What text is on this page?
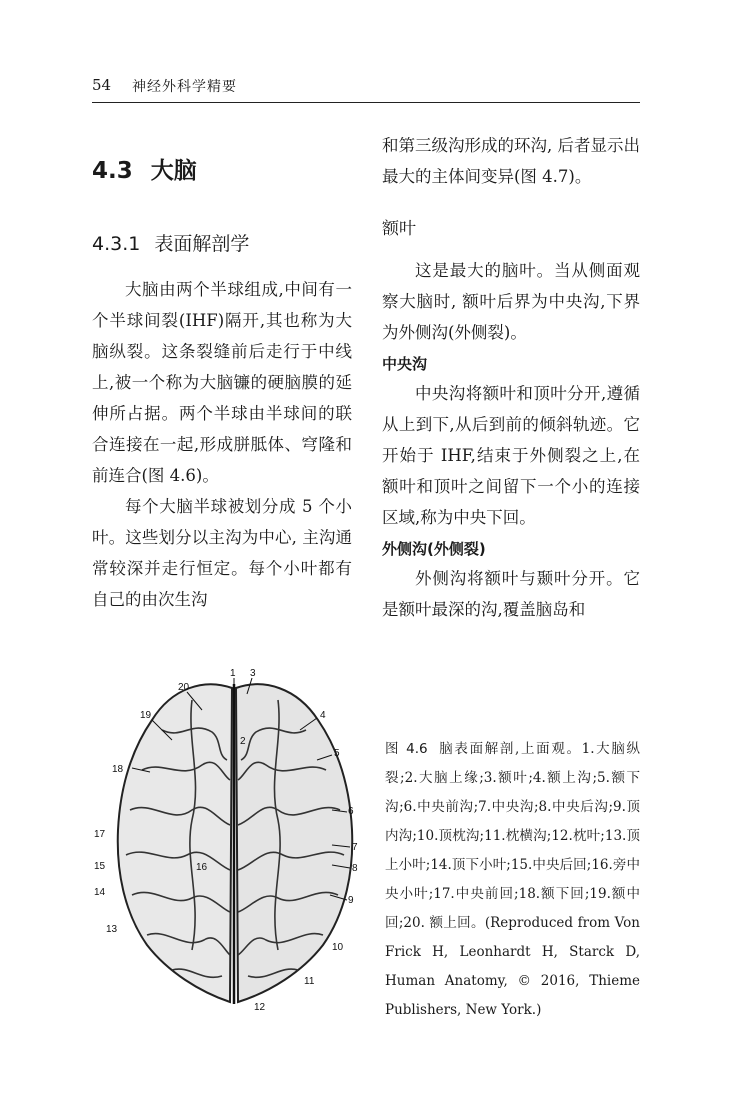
54 神经外科学精要
4.3 大脑
4.3.1 表面解剖学

大脑由两个半球组成,中间有一个半球间裂(IHF)隔开,其也称为大脑纵裂。这条裂缝前后走行于中线上,被一个称为大脑镰的硬脑膜的延伸所占据。两个半球由半球间的联合连接在一起,形成胼胝体、穹隆和前连合(图 4.6)。

每个大脑半球被划分成 5 个小叶。这些划分以主沟为中心, 主沟通常较深并走行恒定。每个小叶都有自己的由次生沟

和第三级沟形成的环沟, 后者显示出最大的主体间变异(图 4.7)。

额叶

这是最大的脑叶。当从侧面观察大脑时, 额叶后界为中央沟,下界为外侧沟(外侧裂)。

中央沟

中央沟将额叶和顶叶分开,遵循从上到下,从后到前的倾斜轨迹。它开始于 IHF,结束于外侧裂之上,在额叶和顶叶之间留下一个小的连接区域,称为中央下回。

外侧沟(外侧裂)

外侧沟将额叶与颞叶分开。它是额叶最深的沟,覆盖脑岛和

1
2
3
4
5
6
7
8
9
10
11
12
13
14
15	16
17
18
19
20
图 4.6 脑表面解剖,上面观。1.大脑纵裂;2.大脑上缘;3.额叶;4.额上沟;5.额下沟;6.中央前沟;7.中央沟;8.中央后沟;9.顶内沟;10.顶枕沟;11.枕横沟;12.枕叶;13.顶上小叶;14.顶下小叶;15.中央后回;16.旁中央小叶;17.中央前回;18.额下回;19.额中回;20. 额上回。(Reproduced from Von Frick H, Leonhardt H, Starck D, Human Anatomy, © 2016, Thieme Publishers, New York.)
